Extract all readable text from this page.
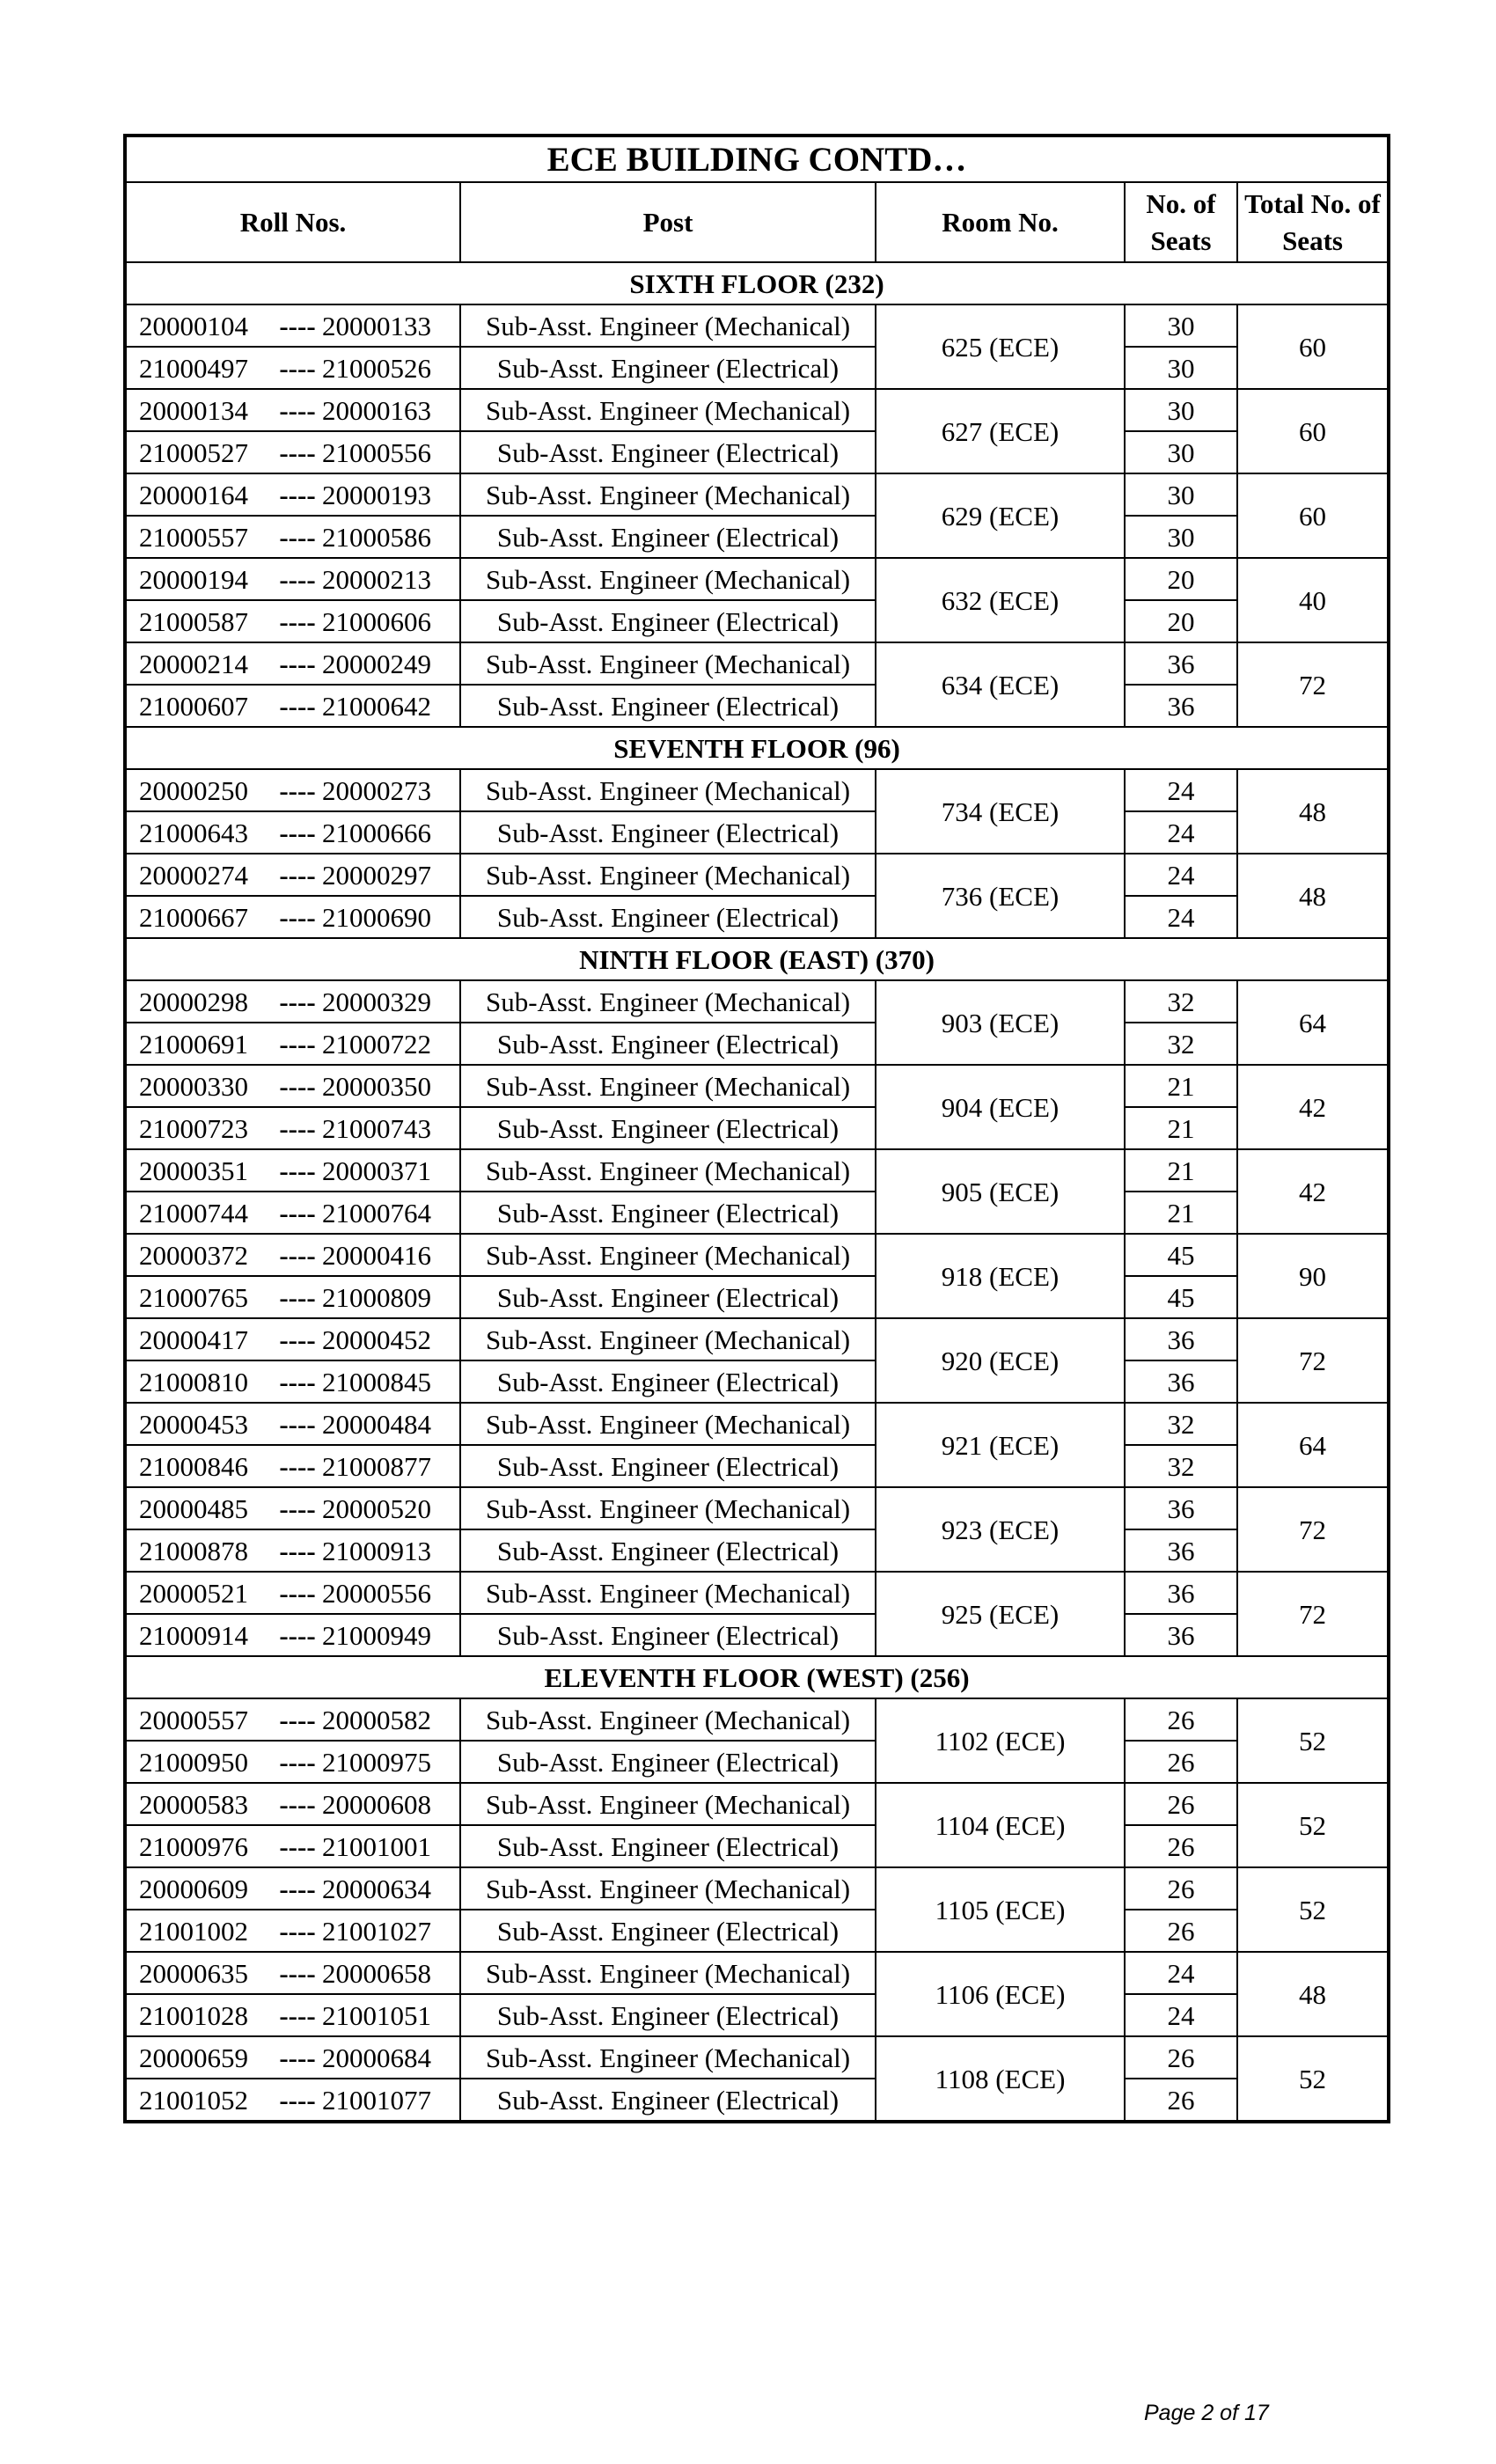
ECE BUILDING CONTD…				
Roll Nos.	Post	Room No.	No. of Seats	Total No. of Seats
SIXTH FLOOR (232)				
20000104 ---- 20000133	Sub-Asst. Engineer (Mechanical)	625 (ECE)	30	60
21000497 ---- 21000526	Sub-Asst. Engineer (Electrical)		30	
20000134 ---- 20000163	Sub-Asst. Engineer (Mechanical)	627 (ECE)	30	60
21000527 ---- 21000556	Sub-Asst. Engineer (Electrical)		30	
20000164 ---- 20000193	Sub-Asst. Engineer (Mechanical)	629 (ECE)	30	60
21000557 ---- 21000586	Sub-Asst. Engineer (Electrical)		30	
20000194 ---- 20000213	Sub-Asst. Engineer (Mechanical)	632 (ECE)	20	40
21000587 ---- 21000606	Sub-Asst. Engineer (Electrical)		20	
20000214 ---- 20000249	Sub-Asst. Engineer (Mechanical)	634 (ECE)	36	72
21000607 ---- 21000642	Sub-Asst. Engineer (Electrical)		36	
SEVENTH FLOOR (96)				
20000250 ---- 20000273	Sub-Asst. Engineer (Mechanical)	734 (ECE)	24	48
21000643 ---- 21000666	Sub-Asst. Engineer (Electrical)		24	
20000274 ---- 20000297	Sub-Asst. Engineer (Mechanical)	736 (ECE)	24	48
21000667 ---- 21000690	Sub-Asst. Engineer (Electrical)		24	
NINTH FLOOR (EAST) (370)				
20000298 ---- 20000329	Sub-Asst. Engineer (Mechanical)	903 (ECE)	32	64
21000691 ---- 21000722	Sub-Asst. Engineer (Electrical)		32	
20000330 ---- 20000350	Sub-Asst. Engineer (Mechanical)	904 (ECE)	21	42
21000723 ---- 21000743	Sub-Asst. Engineer (Electrical)		21	
20000351 ---- 20000371	Sub-Asst. Engineer (Mechanical)	905 (ECE)	21	42
21000744 ---- 21000764	Sub-Asst. Engineer (Electrical)		21	
20000372 ---- 20000416	Sub-Asst. Engineer (Mechanical)	918 (ECE)	45	90
21000765 ---- 21000809	Sub-Asst. Engineer (Electrical)		45	
20000417 ---- 20000452	Sub-Asst. Engineer (Mechanical)	920 (ECE)	36	72
21000810 ---- 21000845	Sub-Asst. Engineer (Electrical)		36	
20000453 ---- 20000484	Sub-Asst. Engineer (Mechanical)	921 (ECE)	32	64
21000846 ---- 21000877	Sub-Asst. Engineer (Electrical)		32	
20000485 ---- 20000520	Sub-Asst. Engineer (Mechanical)	923 (ECE)	36	72
21000878 ---- 21000913	Sub-Asst. Engineer (Electrical)		36	
20000521 ---- 20000556	Sub-Asst. Engineer (Mechanical)	925 (ECE)	36	72
21000914 ---- 21000949	Sub-Asst. Engineer (Electrical)		36	
ELEVENTH FLOOR (WEST) (256)				
20000557 ---- 20000582	Sub-Asst. Engineer (Mechanical)	1102 (ECE)	26	52
21000950 ---- 21000975	Sub-Asst. Engineer (Electrical)		26	
20000583 ---- 20000608	Sub-Asst. Engineer (Mechanical)	1104 (ECE)	26	52
21000976 ---- 21001001	Sub-Asst. Engineer (Electrical)		26	
20000609 ---- 20000634	Sub-Asst. Engineer (Mechanical)	1105 (ECE)	26	52
21001002 ---- 21001027	Sub-Asst. Engineer (Electrical)		26	
20000635 ---- 20000658	Sub-Asst. Engineer (Mechanical)	1106 (ECE)	24	48
21001028 ---- 21001051	Sub-Asst. Engineer (Electrical)		24	
20000659 ---- 20000684	Sub-Asst. Engineer (Mechanical)	1108 (ECE)	26	52
21001052 ---- 21001077	Sub-Asst. Engineer (Electrical)		26	
Page 2 of 17
